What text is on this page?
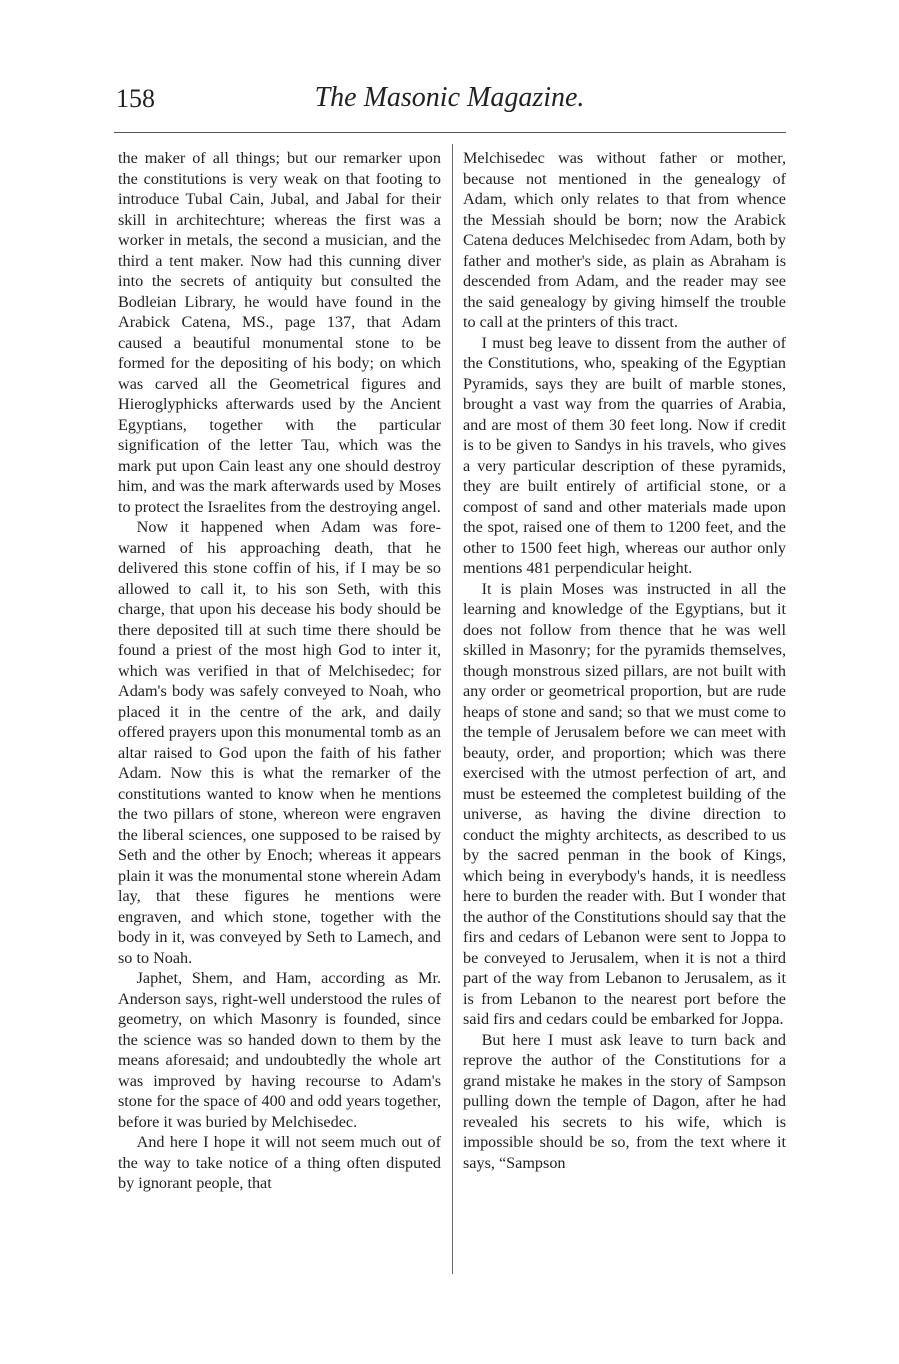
158	The Masonic Magazine.

the maker of all things; but our remarker upon the constitutions is very weak on that footing to introduce Tubal Cain, Jubal, and Jabal for their skill in architechture; whereas the first was a worker in metals, the second a musician, and the third a tent maker. Now had this cunning diver into the secrets of antiquity but consulted the Bodleian Library, he would have found in the Arabick Catena, MS., page 137, that Adam caused a beautiful monumental stone to be formed for the depositing of his body; on which was carved all the Geometrical figures and Hieroglyphicks afterwards used by the Ancient Egyptians, together with the particular signification of the letter Tau, which was the mark put upon Cain least any one should destroy him, and was the mark afterwards used by Moses to protect the Israelites from the destroying angel.

Now it happened when Adam was fore-warned of his approaching death, that he delivered this stone coffin of his, if I may be so allowed to call it, to his son Seth, with this charge, that upon his decease his body should be there deposited till at such time there should be found a priest of the most high God to inter it, which was verified in that of Melchisedec; for Adam's body was safely conveyed to Noah, who placed it in the centre of the ark, and daily offered prayers upon this monumental tomb as an altar raised to God upon the faith of his father Adam. Now this is what the remarker of the constitutions wanted to know when he mentions the two pillars of stone, whereon were engraven the liberal sciences, one supposed to be raised by Seth and the other by Enoch; whereas it appears plain it was the monumental stone wherein Adam lay, that these figures he mentions were engraven, and which stone, together with the body in it, was conveyed by Seth to Lamech, and so to Noah.

Japhet, Shem, and Ham, according as Mr. Anderson says, right-well understood the rules of geometry, on which Masonry is founded, since the science was so handed down to them by the means aforesaid; and undoubtedly the whole art was improved by having recourse to Adam's stone for the space of 400 and odd years together, before it was buried by Melchisedec.

And here I hope it will not seem much out of the way to take notice of a thing often disputed by ignorant people, that

Melchisedec was without father or mother, because not mentioned in the genealogy of Adam, which only relates to that from whence the Messiah should be born; now the Arabick Catena deduces Melchisedec from Adam, both by father and mother's side, as plain as Abraham is descended from Adam, and the reader may see the said genealogy by giving himself the trouble to call at the printers of this tract.

I must beg leave to dissent from the auther of the Constitutions, who, speaking of the Egyptian Pyramids, says they are built of marble stones, brought a vast way from the quarries of Arabia, and are most of them 30 feet long. Now if credit is to be given to Sandys in his travels, who gives a very particular description of these pyramids, they are built entirely of artificial stone, or a compost of sand and other materials made upon the spot, raised one of them to 1200 feet, and the other to 1500 feet high, whereas our author only mentions 481 perpendicular height.

It is plain Moses was instructed in all the learning and knowledge of the Egyptians, but it does not follow from thence that he was well skilled in Masonry; for the pyramids themselves, though monstrous sized pillars, are not built with any order or geometrical proportion, but are rude heaps of stone and sand; so that we must come to the temple of Jerusalem before we can meet with beauty, order, and proportion; which was there exercised with the utmost perfection of art, and must be esteemed the completest building of the universe, as having the divine direction to conduct the mighty architects, as described to us by the sacred penman in the book of Kings, which being in everybody's hands, it is needless here to burden the reader with. But I wonder that the author of the Constitutions should say that the firs and cedars of Lebanon were sent to Joppa to be conveyed to Jerusalem, when it is not a third part of the way from Lebanon to Jerusalem, as it is from Lebanon to the nearest port before the said firs and cedars could be embarked for Joppa.

But here I must ask leave to turn back and reprove the author of the Constitutions for a grand mistake he makes in the story of Sampson pulling down the temple of Dagon, after he had revealed his secrets to his wife, which is impossible should be so, from the text where it says, “Sampson
